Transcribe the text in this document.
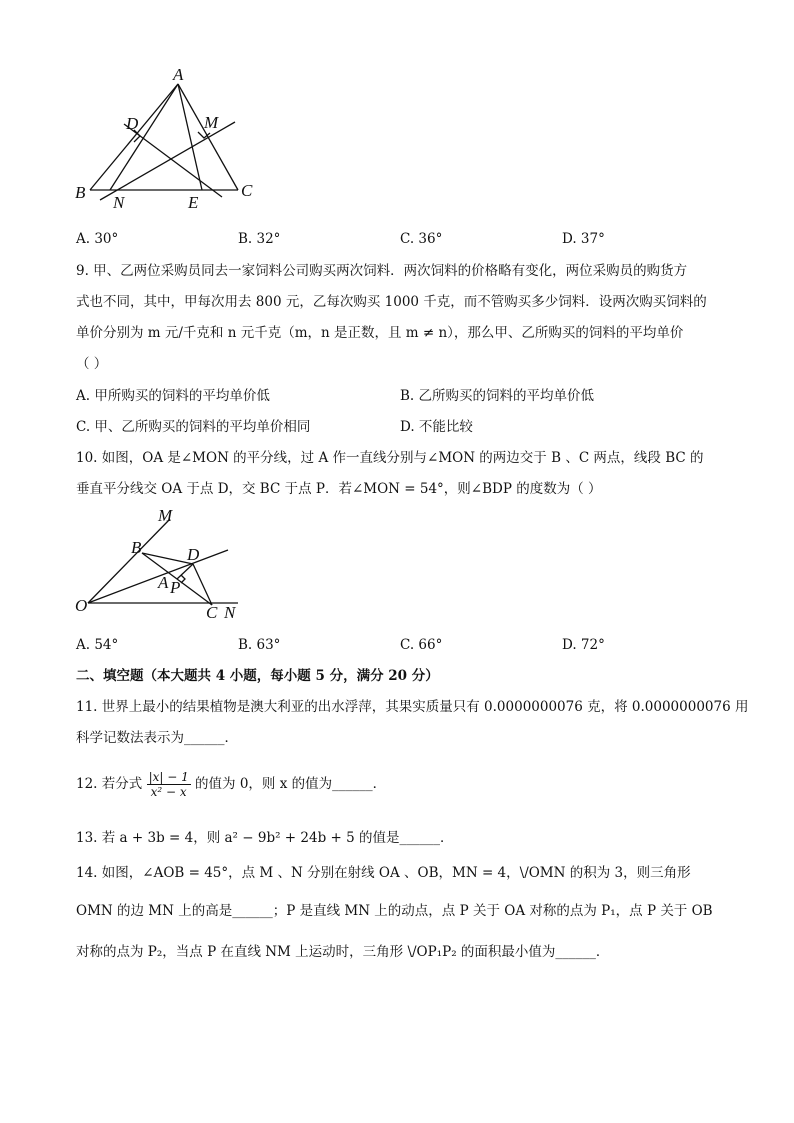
A
D	M
B
N	E
C
A. 30°	B. 32°	C. 36°	D. 37°
9. 甲、乙两位采购员同去一家饲料公司购买两次饲料．两次饲料的价格略有变化，两位采购员的购货方
式也不同，其中，甲每次用去 800 元，乙每次购买 1000 千克，而不管购买多少饲料．设两次购买饲料的
单价分别为 m 元/千克和 n 元千克（m，n 是正数，且 m ≠ n），那么甲、乙所购买的饲料的平均单价
（ ）
A. 甲所购买的饲料的平均单价低	B. 乙所购买的饲料的平均单价低
C. 甲、乙所购买的饲料的平均单价相同	D. 不能比较
10. 如图，OA 是∠MON 的平分线，过 A 作一直线分别与∠MON 的两边交于 B 、C 两点，线段 BC 的
垂直平分线交 OA 于点 D，交 BC 于点 P．若∠MON = 54°，则∠BDP 的度数为（ ）
M
B	D
A P
O	C N
A. 54°	B. 63°	C. 66°	D. 72°
二、填空题（本大题共 4 小题，每小题 5 分，满分 20 分）
11. 世界上最小的结果植物是澳大利亚的出水浮萍，其果实质量只有 0.0000000076 克，将 0.0000000076 用
科学记数法表示为______．
12. 若分式 $\frac{|x| - 1}{\text{x² − x}}$ 的值为 0，则 x 的值为______．
13. 若 a + 3b = 4，则 a² − 9b² + 24b + 5 的值是______．
14. 如图，∠AOB = 45°，点 M 、N 分别在射线 OA 、OB，MN = 4，\/OMN 的积为 3，则三角形
OMN 的边 MN 上的高是______；P 是直线 MN 上的动点，点 P 关于 OA 对称的点为 P₁，点 P 关于 OB
对称的点为 P₂，当点 P 在直线 NM 上运动时，三角形 \/OP₁P₂ 的面积最小值为______．
